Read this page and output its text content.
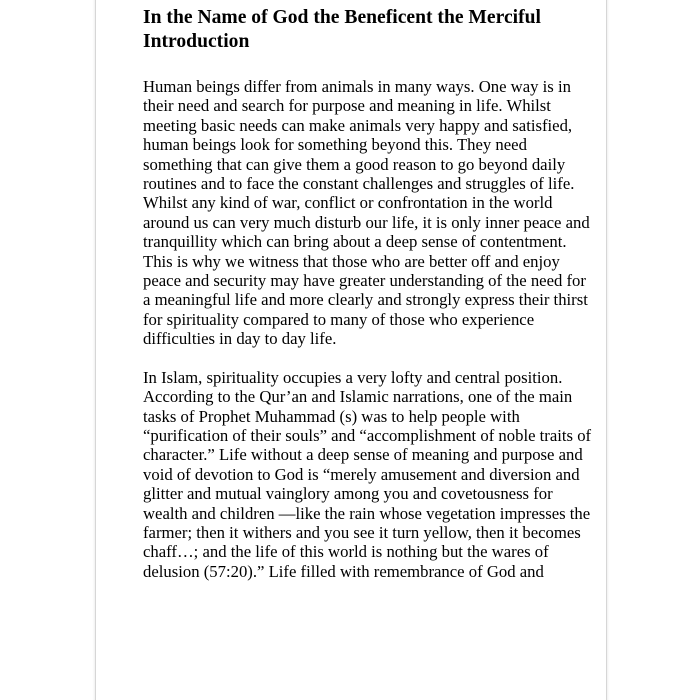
In the Name of God the Beneficent the Merciful Introduction

Human beings differ from animals in many ways. One way is in their need and search for purpose and meaning in life. Whilst meeting basic needs can make animals very happy and satisfied, human beings look for something beyond this. They need something that can give them a good reason to go beyond daily routines and to face the constant challenges and struggles of life. Whilst any kind of war, conflict or confrontation in the world around us can very much disturb our life, it is only inner peace and tranquillity which can bring about a deep sense of contentment. This is why we witness that those who are better off and enjoy peace and security may have greater understanding of the need for a meaningful life and more clearly and strongly express their thirst for spirituality compared to many of those who experience difficulties in day to day life.

In Islam, spirituality occupies a very lofty and central position. According to the Qur’an and Islamic narrations, one of the main tasks of Prophet Muhammad (s) was to help people with “purification of their souls” and “accomplishment of noble traits of character.” Life without a deep sense of meaning and purpose and void of devotion to God is “merely amusement and diversion and glitter and mutual vainglory among you and covetousness for wealth and children —like the rain whose vegetation impresses the farmer; then it withers and you see it turn yellow, then it becomes chaff…; and the life of this world is nothing but the wares of delusion (57:20).” Life filled with remembrance of God and
